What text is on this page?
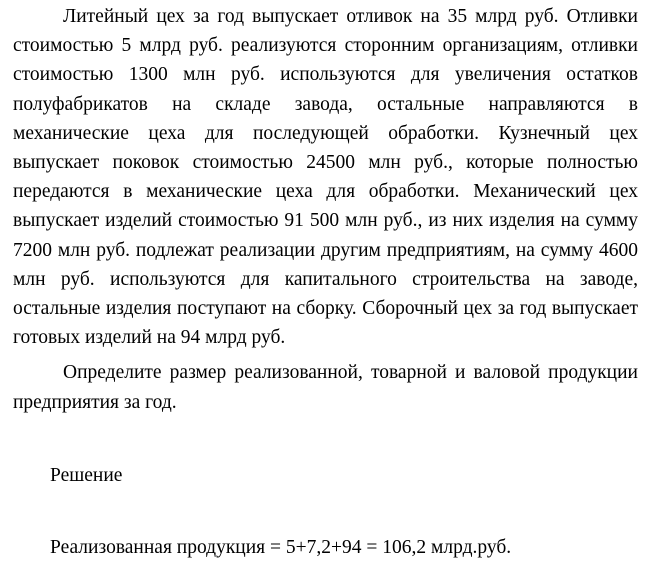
Литейный цех за год выпускает отливок на 35 млрд руб. Отливки стоимостью 5 млрд руб. реализуются сторонним организациям, отливки стоимостью 1300 млн руб. используются для увеличения остатков полуфабрикатов на складе завода, остальные направляются в механические цеха для последующей обработки. Кузнечный цех выпускает поковок стоимостью 24500 млн руб., которые полностью передаются в механические цеха для обработки. Механический цех выпускает изделий стоимостью 91 500 млн руб., из них изделия на сумму 7200 млн руб. подлежат реализации другим предприятиям, на сумму 4600 млн руб. используются для капитального строительства на заводе, остальные изделия поступают на сборку. Сборочный цех за год выпускает готовых изделий на 94 млрд руб.

Определите размер реализованной, товарной и валовой продукции предприятия за год.

Решение

Реализованная продукция = 5+7,2+94 = 106,2 млрд.руб.
